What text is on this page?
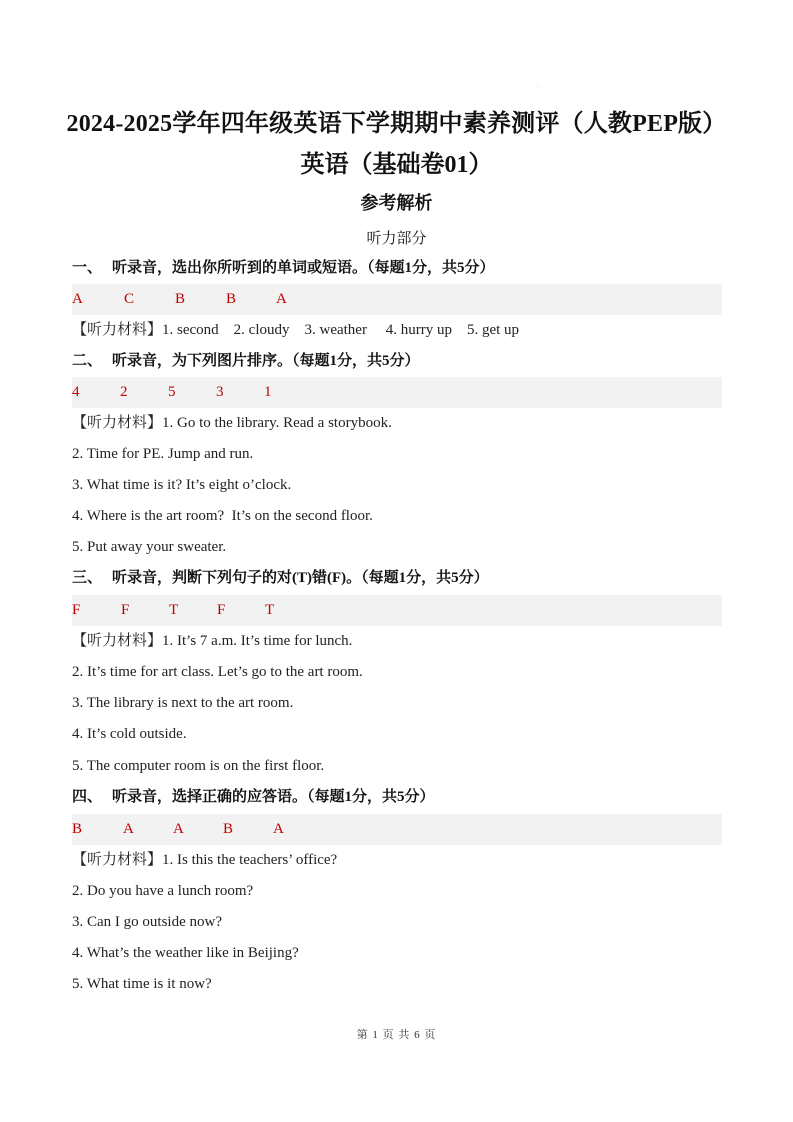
·
2024-2025学年四年级英语下学期期中素养测评（人教PEP版）
英语（基础卷01）
参考解析
听力部分
一、 听录音，选出你所听到的单词或短语。（每题1分，共5分）
A	C	B	B	A
【听力材料】1. second    2. cloudy    3. weather     4. hurry up    5. get up
二、 听录音，为下列图片排序。（每题1分，共5分）
4	2	5	3	1
【听力材料】1. Go to the library. Read a storybook.
2. Time for PE. Jump and run.
3. What time is it? It’s eight o’clock.
4. Where is the art room?  It’s on the second floor.
5. Put away your sweater.
三、 听录音，判断下列句子的对(T)错(F)。（每题1分，共5分）
F	F	T	F	T
【听力材料】1. It’s 7 a.m. It’s time for lunch.
2. It’s time for art class. Let’s go to the art room.
3. The library is next to the art room.
4. It’s cold outside.
5. The computer room is on the first floor.
四、 听录音，选择正确的应答语。（每题1分，共5分）
B	A	A	B	A
【听力材料】1. Is this the teachers’ office?
2. Do you have a lunch room?
3. Can I go outside now?
4. What’s the weather like in Beijing?
5. What time is it now?
第 1 页 共 6 页
